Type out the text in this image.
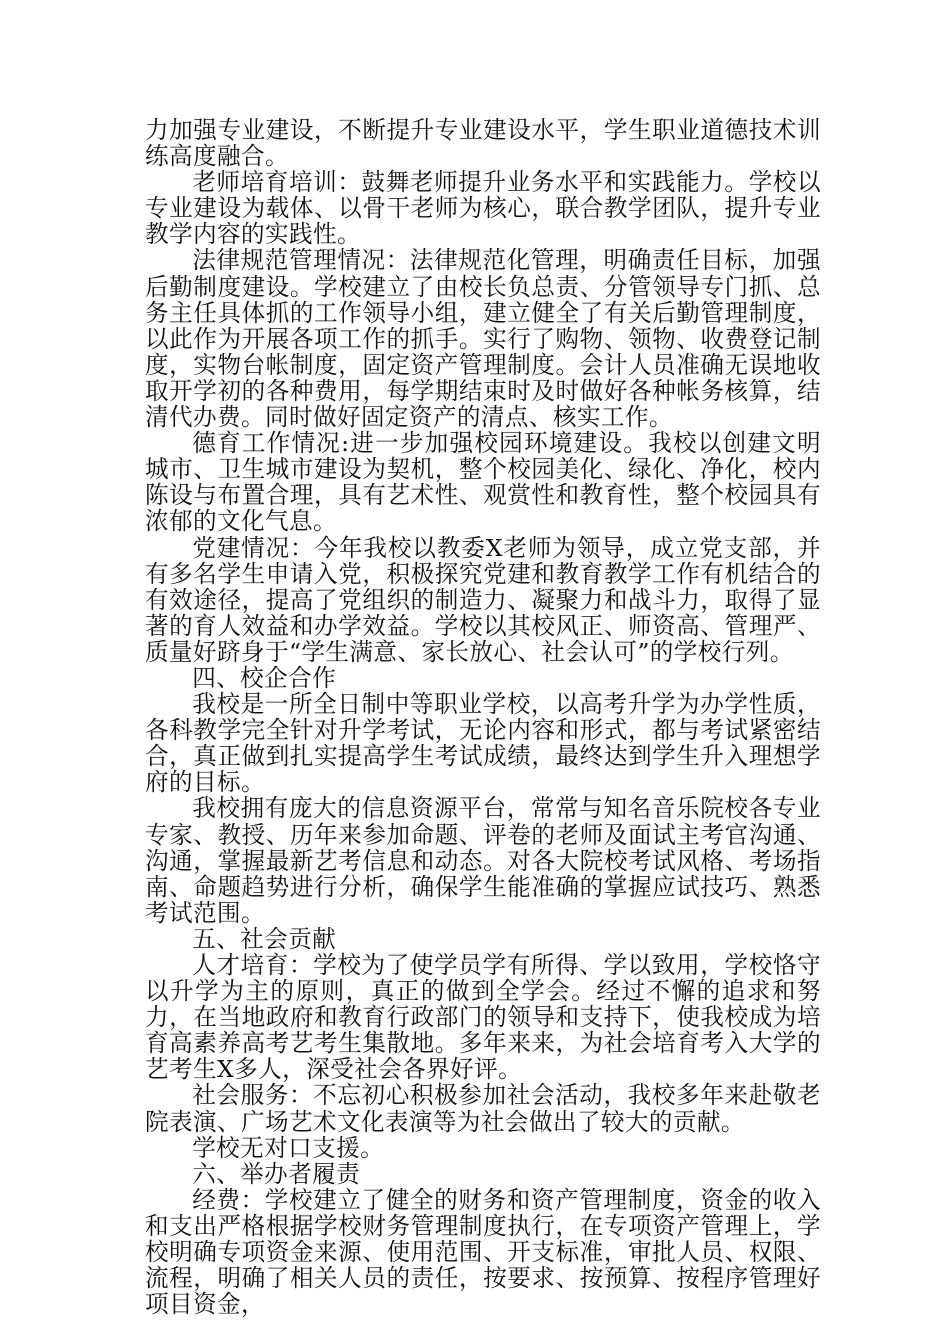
力加强专业建设，不断提升专业建设水平，学生职业道德技术训练高度融合。

老师培育培训：鼓舞老师提升业务水平和实践能力。学校以专业建设为载体、以骨干老师为核心，联合教学团队，提升专业教学内容的实践性。

法律规范管理情况：法律规范化管理，明确责任目标，加强后勤制度建设。学校建立了由校长负总责、分管领导专门抓、总务主任具体抓的工作领导小组，建立健全了有关后勤管理制度，以此作为开展各项工作的抓手。实行了购物、领物、收费登记制度，实物台帐制度，固定资产管理制度。会计人员准确无误地收取开学初的各种费用，每学期结束时及时做好各种帐务核算，结清代办费。同时做好固定资产的清点、核实工作。

德育工作情况:进一步加强校园环境建设。我校以创建文明城市、卫生城市建设为契机，整个校园美化、绿化、净化，校内陈设与布置合理，具有艺术性、观赏性和教育性，整个校园具有浓郁的文化气息。

党建情况：今年我校以教委X老师为领导，成立党支部，并有多名学生申请入党，积极探究党建和教育教学工作有机结合的有效途径，提高了党组织的制造力、凝聚力和战斗力，取得了显著的育人效益和办学效益。学校以其校风正、师资高、管理严、质量好跻身于“学生满意、家长放心、社会认可”的学校行列。

四、校企合作

我校是一所全日制中等职业学校，以高考升学为办学性质，各科教学完全针对升学考试，无论内容和形式，都与考试紧密结合，真正做到扎实提高学生考试成绩，最终达到学生升入理想学府的目标。

我校拥有庞大的信息资源平台，常常与知名音乐院校各专业专家、教授、历年来参加命题、评卷的老师及面试主考官沟通、沟通，掌握最新艺考信息和动态。对各大院校考试风格、考场指南、命题趋势进行分析，确保学生能准确的掌握应试技巧、熟悉考试范围。

五、社会贡献

人才培育：学校为了使学员学有所得、学以致用，学校恪守以升学为主的原则，真正的做到全学会。经过不懈的追求和努力，在当地政府和教育行政部门的领导和支持下，使我校成为培育高素养高考艺考生集散地。多年来来，为社会培育考入大学的艺考生X多人，深受社会各界好评。

社会服务：不忘初心积极参加社会活动，我校多年来赴敬老院表演、广场艺术文化表演等为社会做出了较大的贡献。

学校无对口支援。

六、举办者履责

经费：学校建立了健全的财务和资产管理制度，资金的收入和支出严格根据学校财务管理制度执行，在专项资产管理上，学校明确专项资金来源、使用范围、开支标准，审批人员、权限、流程，明确了相关人员的责任，按要求、按预算、按程序管理好项目资金，
